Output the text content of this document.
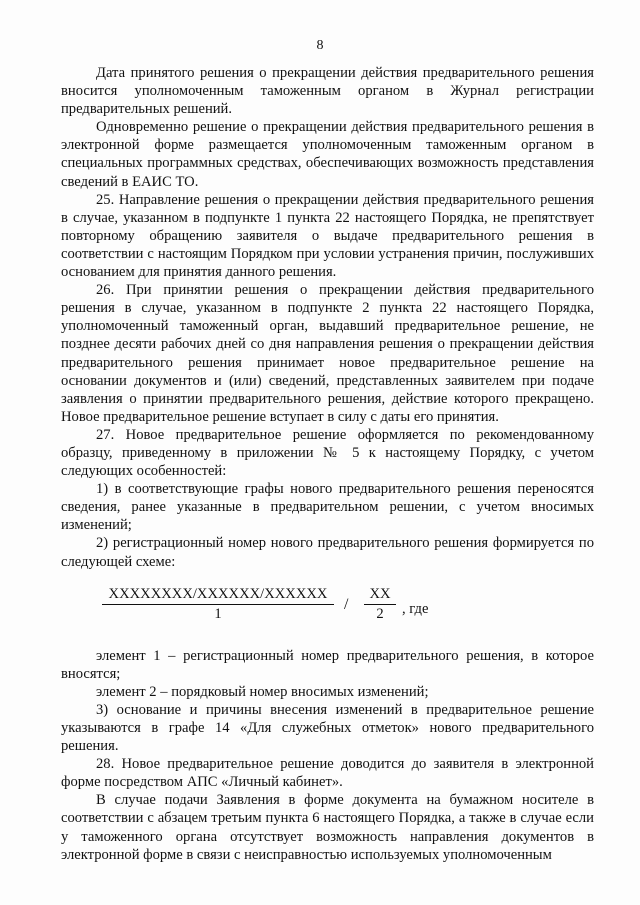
8

Дата принятого решения о прекращении действия предварительного решения вносится уполномоченным таможенным органом в Журнал регистрации предварительных решений.

Одновременно решение о прекращении действия предварительного решения в электронной форме размещается уполномоченным таможенным органом в специальных программных средствах, обеспечивающих возможность представления сведений в ЕАИС ТО.

25. Направление решения о прекращении действия предварительного решения в случае, указанном в подпункте 1 пункта 22 настоящего Порядка, не препятствует повторному обращению заявителя о выдаче предварительного решения в соответствии с настоящим Порядком при условии устранения причин, послуживших основанием для принятия данного решения.

26. При принятии решения о прекращении действия предварительного решения в случае, указанном в подпункте 2 пункта 22 настоящего Порядка, уполномоченный таможенный орган, выдавший предварительное решение, не позднее десяти рабочих дней со дня направления решения о прекращении действия предварительного решения принимает новое предварительное решение на основании документов и (или) сведений, представленных заявителем при подаче заявления о принятии предварительного решения, действие которого прекращено. Новое предварительное решение вступает в силу с даты его принятия.

27. Новое предварительное решение оформляется по рекомендованному образцу, приведенному в приложении № 5 к настоящему Порядку, с учетом следующих особенностей:

1) в соответствующие графы нового предварительного решения переносятся сведения, ранее указанные в предварительном решении, с учетом вносимых изменений;

2) регистрационный номер нового предварительного решения формируется по следующей схеме:

XXXXXXXX/XXXXXX/XXXXXX
1
/ $\frac{XX}{2}$ , где

элемент 1 – регистрационный номер предварительного решения, в которое вносятся;

элемент 2 – порядковый номер вносимых изменений;

3) основание и причины внесения изменений в предварительное решение указываются в графе 14 «Для служебных отметок» нового предварительного решения.

28. Новое предварительное решение доводится до заявителя в электронной форме посредством АПС «Личный кабинет».

В случае подачи Заявления в форме документа на бумажном носителе в соответствии с абзацем третьим пункта 6 настоящего Порядка, а также в случае если у таможенного органа отсутствует возможность направления документов в электронной форме в связи с неисправностью используемых уполномоченным
